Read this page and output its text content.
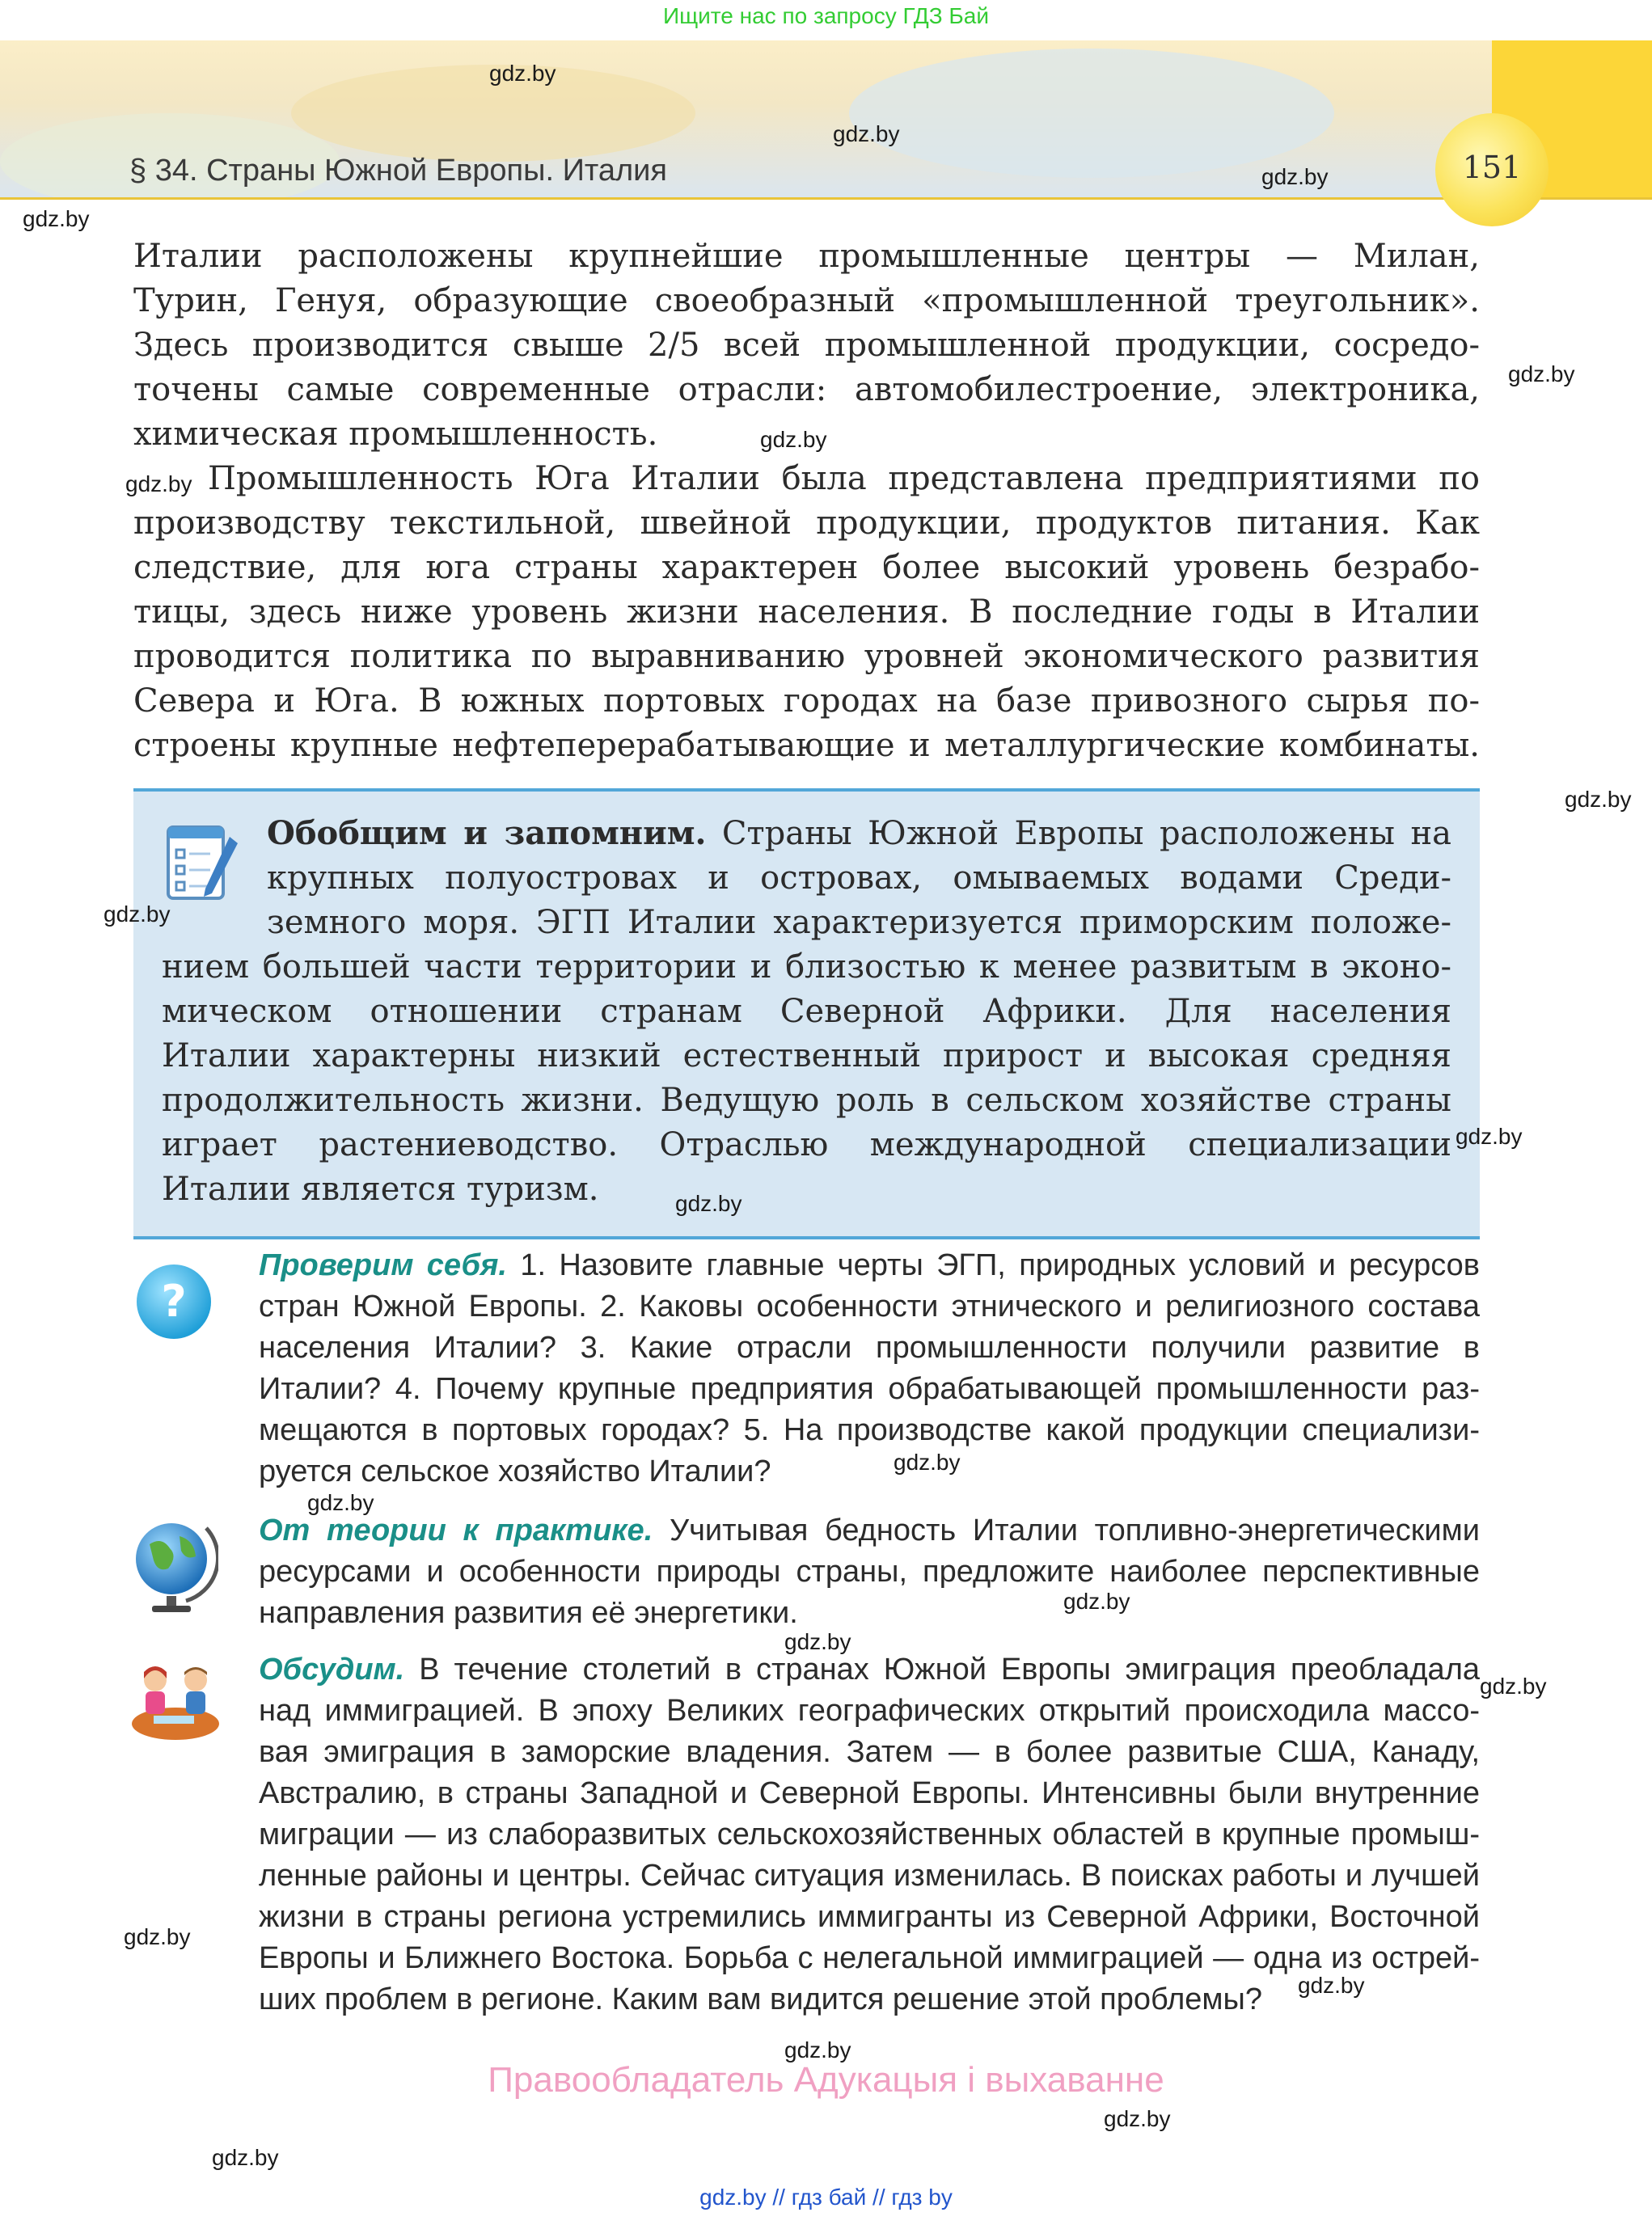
Ищите нас по запросу ГДЗ Бай
151
§ 34. Страны Южной Европы. Италия
Италии расположены крупнейшие промышленные центры — Милан,
Турин, Генуя, образующие своеобразный «промышленной треугольник».
Здесь производится свыше 2/5 всей промышленной продукции, сосредо-
точены самые современные отрасли: автомобилестроение, электроника,
химическая промышленность.
Промышленность Юга Италии была представлена предприятиями по
производству текстильной, швейной продукции, продуктов питания. Как
следствие, для юга страны характерен более высокий уровень безрабо-
тицы, здесь ниже уровень жизни населения. В последние годы в Италии
проводится политика по выравниванию уровней экономического развития
Севера и Юга. В южных портовых городах на базе привозного сырья по-
строены крупные нефтеперерабатывающие и металлургические комбинаты.
Обобщим и запомним. Страны Южной Европы расположены на
крупных полуостровах и островах, омываемых водами Среди-
земного моря. ЭГП Италии характеризуется приморским положе-
нием большей части территории и близостью к менее развитым в эконо-
мическом отношении странам Северной Африки. Для населения
Италии характерны низкий естественный прирост и высокая средняя
продолжительность жизни. Ведущую роль в сельском хозяйстве страны
играет растениеводство. Отраслью международной специализации
Италии является туризм.
?
Проверим себя. 1. Назовите главные черты ЭГП, природных условий и ресурсов
стран Южной Европы. 2. Каковы особенности этнического и религиозного состава
населения Италии? 3. Какие отрасли промышленности получили развитие в
Италии? 4. Почему крупные предприятия обрабатывающей промышленности раз-
мещаются в портовых городах? 5. На производстве какой продукции специализи-
руется сельское хозяйство Италии?
От теории к практике. Учитывая бедность Италии топливно-энергетическими
ресурсами и особенности природы страны, предложите наиболее перспективные
направления развития её энергетики.
Обсудим. В течение столетий в странах Южной Европы эмиграция преобладала
над иммиграцией. В эпоху Великих географических открытий происходила массо-
вая эмиграция в заморские владения. Затем — в более развитые США, Канаду,
Австралию, в страны Западной и Северной Европы. Интенсивны были внутренние
миграции — из слаборазвитых сельскохозяйственных областей в крупные промыш-
ленные районы и центры. Сейчас ситуация изменилась. В поисках работы и лучшей
жизни в страны региона устремились иммигранты из Северной Африки, Восточной
Европы и Ближнего Востока. Борьба с нелегальной иммиграцией — одна из острей-
ших проблем в регионе. Каким вам видится решение этой проблемы?
Правообладатель Адукацыя і выхаванне
gdz.by // гдз бай // гдз by
gdz.by
gdz.by
gdz.by
gdz.by
gdz.by
gdz.by
gdz.by
gdz.by
gdz.by
gdz.by
gdz.by
gdz.by
gdz.by
gdz.by
gdz.by
gdz.by
gdz.by
gdz.by
gdz.by
gdz.by
gdz.by
